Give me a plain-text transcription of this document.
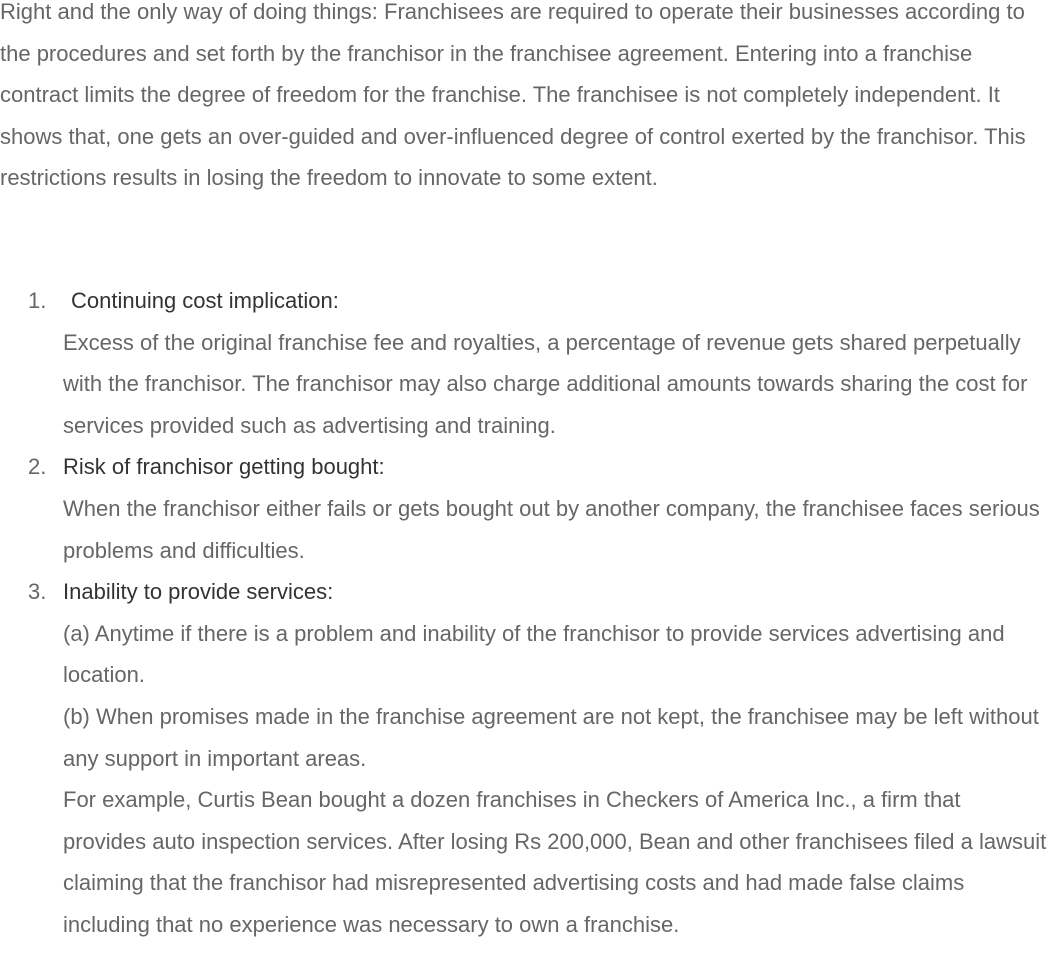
Right and the only way of doing things: Franchisees are required to operate their businesses according to the procedures and set forth by the franchisor in the franchisee agreement. Entering into a franchise contract limits the degree of freedom for the franchise. The franchisee is not completely independent. It shows that, one gets an over-guided and over-influenced degree of control exerted by the franchisor. This restrictions results in losing the freedom to innovate to some extent.

1.	Continuing cost implication:

Excess of the original franchise fee and royalties, a percentage of revenue gets shared perpetually with the franchisor. The franchisor may also charge additional amounts towards sharing the cost for services provided such as advertising and training.

2. Risk of franchisor getting bought:

When the franchisor either fails or gets bought out by another company, the franchisee faces serious problems and difficulties.

3. Inability to provide services:

(a) Anytime if there is a problem and inability of the franchisor to provide services advertising and location.

(b) When promises made in the franchise agreement are not kept, the franchisee may be left without any support in important areas.

For example, Curtis Bean bought a dozen franchises in Checkers of America Inc., a firm that provides auto inspection services. After losing Rs 200,000, Bean and other franchisees filed a lawsuit claiming that the franchisor had misrepresented advertising costs and had made false claims including that no experience was necessary to own a franchise.
